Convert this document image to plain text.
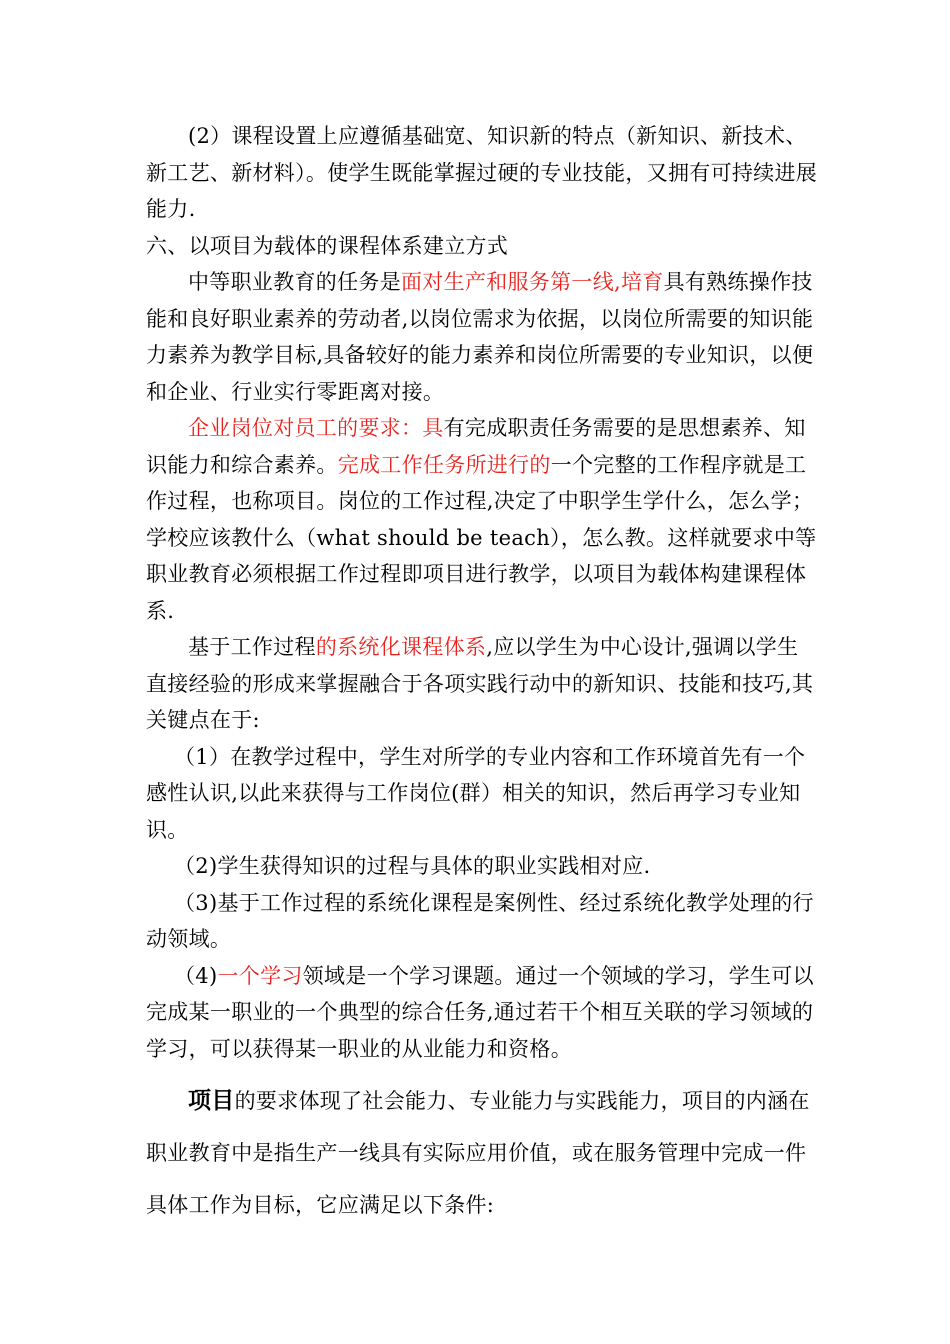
(2）课程设置上应遵循基础宽、知识新的特点（新知识、新技术、新工艺、新材料）。使学生既能掌握过硬的专业技能，又拥有可持续进展能力.

六、以项目为载体的课程体系建立方式

中等职业教育的任务是面对生产和服务第一线,培育具有熟练操作技能和良好职业素养的劳动者,以岗位需求为依据，以岗位所需要的知识能力素养为教学目标,具备较好的能力素养和岗位所需要的专业知识，以便和企业、行业实行零距离对接。

企业岗位对员工的要求：具有完成职责任务需要的是思想素养、知识能力和综合素养。完成工作任务所进行的一个完整的工作程序就是工作过程，也称项目。岗位的工作过程,决定了中职学生学什么，怎么学；学校应该教什么（what should be teach），怎么教。这样就要求中等职业教育必须根据工作过程即项目进行教学，以项目为载体构建课程体系.

基于工作过程的系统化课程体系,应以学生为中心设计,强调以学生直接经验的形成来掌握融合于各项实践行动中的新知识、技能和技巧,其关键点在于:

（1）在教学过程中，学生对所学的专业内容和工作环境首先有一个感性认识,以此来获得与工作岗位(群）相关的知识，然后再学习专业知识。

（2)学生获得知识的过程与具体的职业实践相对应.

（3)基于工作过程的系统化课程是案例性、经过系统化教学处理的行动领域。

（4)一个学习领域是一个学习课题。通过一个领域的学习，学生可以完成某一职业的一个典型的综合任务,通过若干个相互关联的学习领域的学习，可以获得某一职业的从业能力和资格。

项目的要求体现了社会能力、专业能力与实践能力，项目的内涵在职业教育中是指生产一线具有实际应用价值，或在服务管理中完成一件具体工作为目标，它应满足以下条件:
